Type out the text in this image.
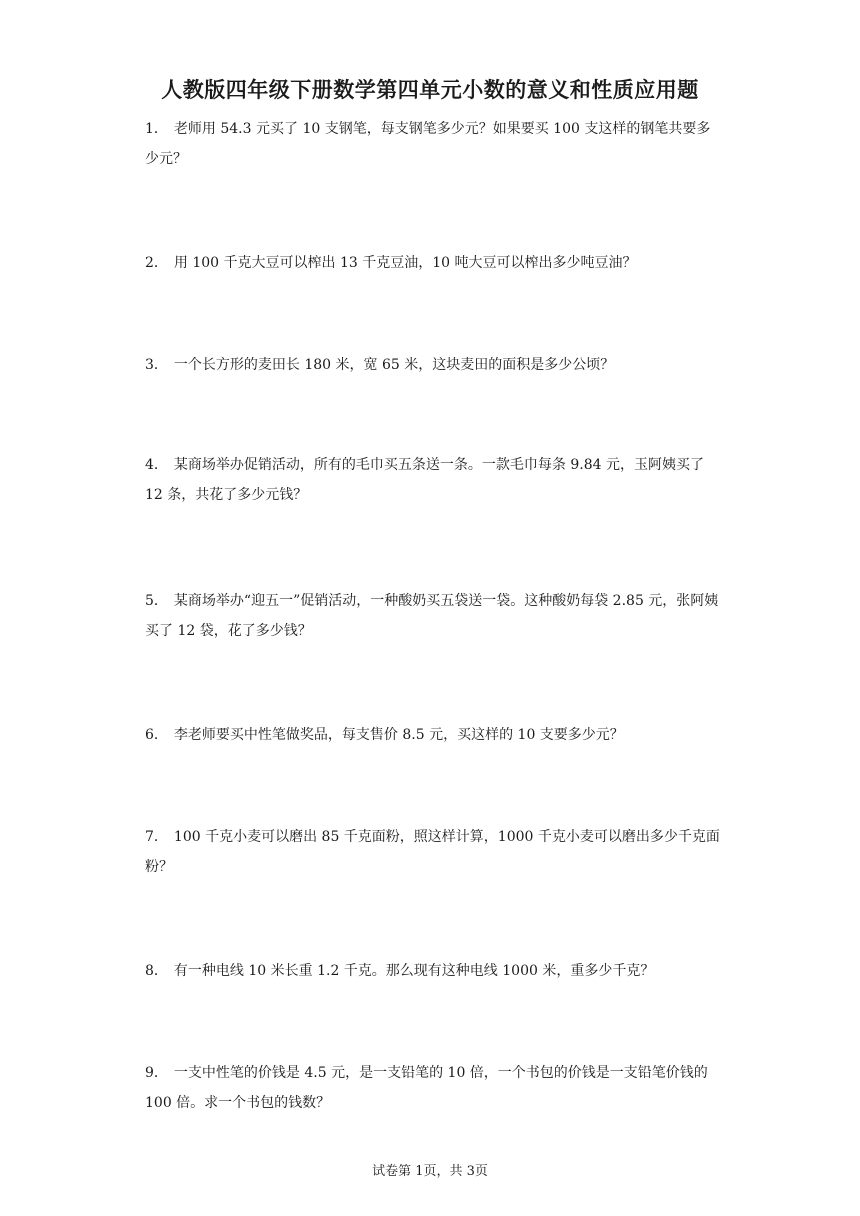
人教版四年级下册数学第四单元小数的意义和性质应用题

1． 老师用 54.3 元买了 10 支钢笔，每支钢笔多少元？如果要买 100 支这样的钢笔共要多少元？

2． 用 100 千克大豆可以榨出 13 千克豆油，10 吨大豆可以榨出多少吨豆油？

3． 一个长方形的麦田长 180 米，宽 65 米，这块麦田的面积是多少公顷？

4． 某商场举办促销活动，所有的毛巾买五条送一条。一款毛巾每条 9.84 元，玉阿姨买了 12 条，共花了多少元钱？

5． 某商场举办“迎五一”促销活动，一种酸奶买五袋送一袋。这种酸奶每袋 2.85 元，张阿姨买了 12 袋，花了多少钱？

6． 李老师要买中性笔做奖品，每支售价 8.5 元，买这样的 10 支要多少元？

7． 100 千克小麦可以磨出 85 千克面粉，照这样计算，1000 千克小麦可以磨出多少千克面粉？

8． 有一种电线 10 米长重 1.2 千克。那么现有这种电线 1000 米，重多少千克？

9． 一支中性笔的价钱是 4.5 元，是一支铅笔的 10 倍，一个书包的价钱是一支铅笔价钱的 100 倍。求一个书包的钱数？

试卷第 1页，共 3页
